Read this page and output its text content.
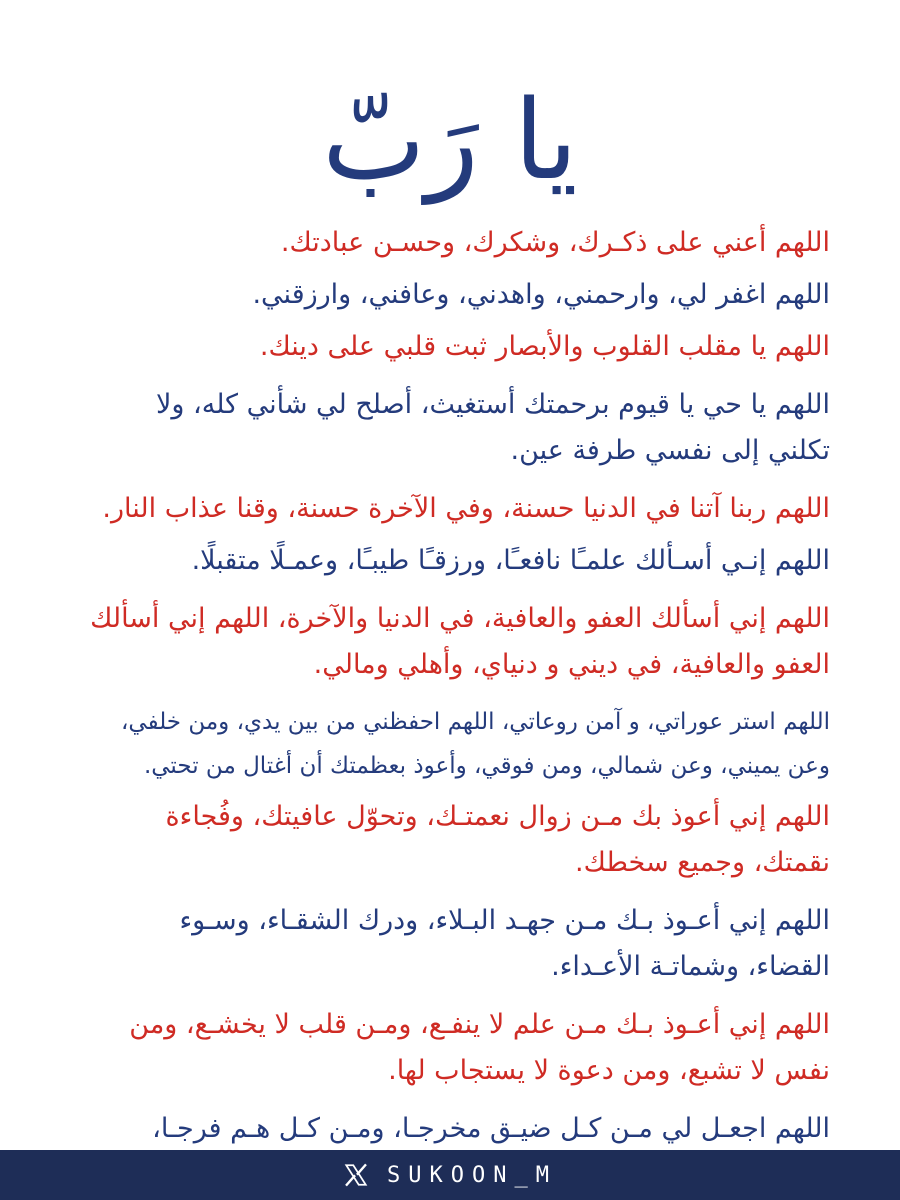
يا رَبّ

اللهم أعني على ذكـرك، وشكرك، وحسـن عبادتك.

اللهم اغفر لي، وارحمني، واهدني، وعافني، وارزقني.

اللهم يا مقلب القلوب والأبصار ثبت قلبي على دينك.

اللهم يا حي يا قيوم برحمتك أستغيث، أصلح لي شأني كله، ولا
تكلني إلى نفسي طرفة عين.

اللهم ربنا آتنا في الدنيا حسنة، وفي الآخرة حسنة، وقنا عذاب النار.

اللهم إنـي أسـألك علمـًا نافعـًا، ورزقـًا طيبـًا، وعمـلًا متقبلًا.

اللهم إني أسألك العفو والعافية، في الدنيا والآخرة، اللهم إني أسألك
العفو والعافية، في ديني و دنياي، وأهلي ومالي.

اللهم استر عوراتي، و آمن روعاتي، اللهم احفظني من بين يدي، ومن خلفي،
وعن يميني، وعن شمالي، ومن فوقي، وأعوذ بعظمتك أن أغتال من تحتي.

اللهم إني أعوذ بك مـن زوال نعمتـك، وتحوّل عافيتك، وفُجاءة
نقمتك، وجميع سخطك.

اللهم إني أعـوذ بـك مـن جهـد البـلاء، ودرك الشقـاء، وسـوء
القضاء، وشماتـة الأعـداء.

اللهم إني أعـوذ بـك مـن علم لا ينفـع، ومـن قلب لا يخشـع، ومن
نفس لا تشبع، ومن دعوة لا يستجاب لها.

اللهم اجعـل لي مـن كـل ضيـق مخرجـا، ومـن كـل هـم فرجـا،

SUKOON_M
